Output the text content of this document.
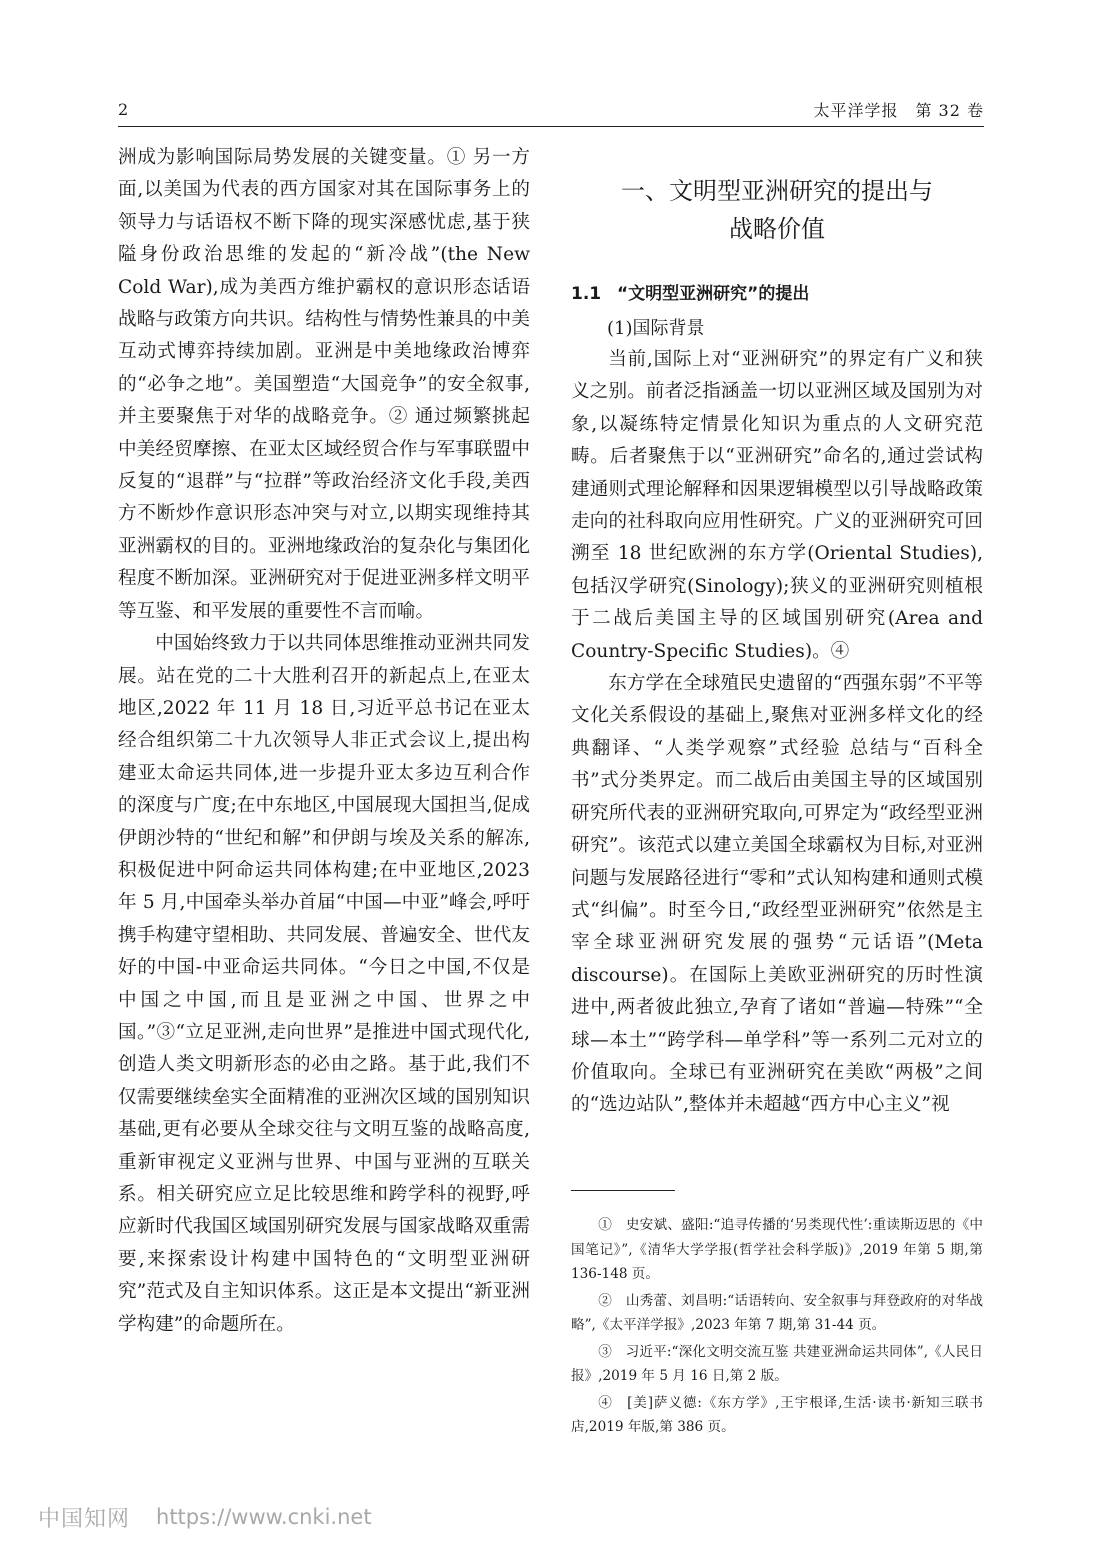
2	太平洋学报　第 32 卷

洲成为影响国际局势发展的关键变量。① 另一方面,以美国为代表的西方国家对其在国际事务上的领导力与话语权不断下降的现实深感忧虑,基于狭隘身份政治思维的发起的“新冷战”(the New Cold War),成为美西方维护霸权的意识形态话语战略与政策方向共识。结构性与情势性兼具的中美互动式博弈持续加剧。亚洲是中美地缘政治博弈的“必争之地”。美国塑造“大国竞争”的安全叙事,并主要聚焦于对华的战略竞争。② 通过频繁挑起中美经贸摩擦、在亚太区域经贸合作与军事联盟中反复的“退群”与“拉群”等政治经济文化手段,美西方不断炒作意识形态冲突与对立,以期实现维持其亚洲霸权的目的。亚洲地缘政治的复杂化与集团化程度不断加深。亚洲研究对于促进亚洲多样文明平等互鉴、和平发展的重要性不言而喻。

中国始终致力于以共同体思维推动亚洲共同发展。站在党的二十大胜利召开的新起点上,在亚太地区,2022 年 11 月 18 日,习近平总书记在亚太经合组织第二十九次领导人非正式会议上,提出构建亚太命运共同体,进一步提升亚太多边互利合作的深度与广度;在中东地区,中国展现大国担当,促成伊朗沙特的“世纪和解”和伊朗与埃及关系的解冻,积极促进中阿命运共同体构建;在中亚地区,2023 年 5 月,中国牵头举办首届“中国—中亚”峰会,呼吁携手构建守望相助、共同发展、普遍安全、世代友好的中国-中亚命运共同体。“今日之中国,不仅是中国之中国,而且是亚洲之中国、世界之中国。”③“立足亚洲,走向世界”是推进中国式现代化,创造人类文明新形态的必由之路。基于此,我们不仅需要继续垒实全面精准的亚洲次区域的国别知识基础,更有必要从全球交往与文明互鉴的战略高度,重新审视定义亚洲与世界、中国与亚洲的互联关系。相关研究应立足比较思维和跨学科的视野,呼应新时代我国区域国别研究发展与国家战略双重需要,来探索设计构建中国特色的“文明型亚洲研究”范式及自主知识体系。这正是本文提出“新亚洲学构建”的命题所在。

一、文明型亚洲研究的提出与
战略价值
1.1 “文明型亚洲研究”的提出
(1)国际背景

当前,国际上对“亚洲研究”的界定有广义和狭义之别。前者泛指涵盖一切以亚洲区域及国别为对象,以凝练特定情景化知识为重点的人文研究范畴。后者聚焦于以“亚洲研究”命名的,通过尝试构建通则式理论解释和因果逻辑模型以引导战略政策走向的社科取向应用性研究。广义的亚洲研究可回溯至 18 世纪欧洲的东方学(Oriental Studies),包括汉学研究(Sinology);狭义的亚洲研究则植根于二战后美国主导的区域国别研究(Area and Country-Specific Studies)。④

东方学在全球殖民史遗留的“西强东弱”不平等文化关系假设的基础上,聚焦对亚洲多样文化的经典翻译、“人类学观察”式经验 总结与“百科全书”式分类界定。而二战后由美国主导的区域国别研究所代表的亚洲研究取向,可界定为“政经型亚洲研究”。该范式以建立美国全球霸权为目标,对亚洲问题与发展路径进行“零和”式认知构建和通则式模式“纠偏”。时至今日,“政经型亚洲研究”依然是主宰全球亚洲研究发展的强势“元话语”(Meta discourse)。在国际上美欧亚洲研究的历时性演进中,两者彼此独立,孕育了诸如“普遍—特殊”“全球—本土”“跨学科—单学科”等一系列二元对立的价值取向。全球已有亚洲研究在美欧“两极”之间的“选边站队”,整体并未超越“西方中心主义”视

①　史安斌、盛阳:“追寻传播的‘另类现代性’:重读斯迈思的《中国笔记》”,《清华大学学报(哲学社会科学版)》,2019 年第 5 期,第 136-148 页。

②　山秀蕾、刘昌明:“话语转向、安全叙事与拜登政府的对华战略”,《太平洋学报》,2023 年第 7 期,第 31-44 页。

③　习近平:“深化文明交流互鉴 共建亚洲命运共同体”,《人民日报》,2019 年 5 月 16 日,第 2 版。

④　[美]萨义德:《东方学》,王宇根译,生活·读书·新知三联书店,2019 年版,第 386 页。

中国知网 https://www.cnki.net
